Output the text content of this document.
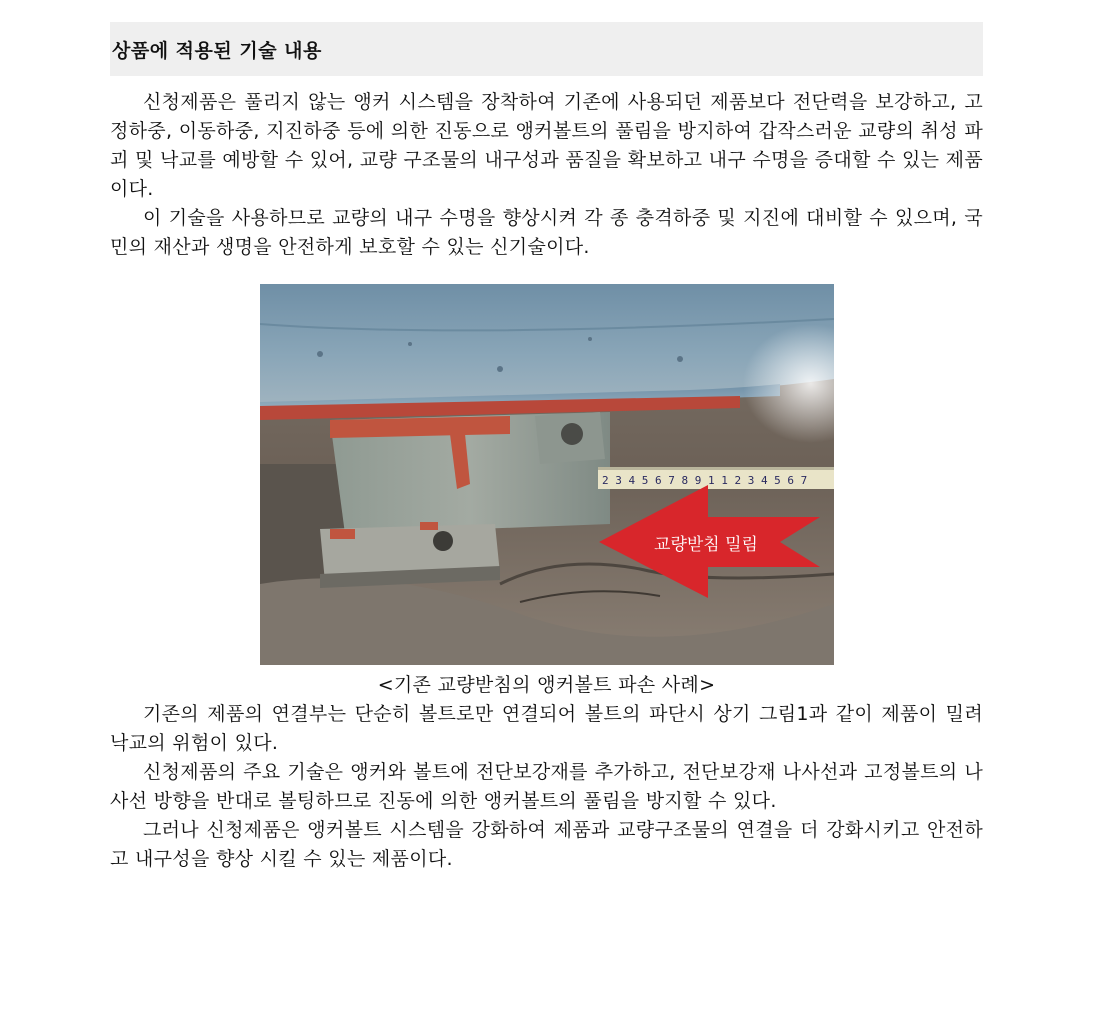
상품에 적용된 기술 내용

신청제품은 풀리지 않는 앵커 시스템을 장착하여 기존에 사용되던 제품보다 전단력을 보강하고, 고정하중, 이동하중, 지진하중 등에 의한 진동으로 앵커볼트의 풀림을 방지하여 갑작스러운 교량의 취성 파괴 및 낙교를 예방할 수 있어, 교량 구조물의 내구성과 품질을 확보하고 내구 수명을 증대할 수 있는 제품이다.

이 기술을 사용하므로 교량의 내구 수명을 향상시켜 각 종 충격하중 및 지진에 대비할 수 있으며, 국민의 재산과 생명을 안전하게 보호할 수 있는 신기술이다.

2 3 4 5 6 7 8 9 1 1 2 3 4 5 6 7
교량받침 밀림
<기존 교량받침의 앵커볼트 파손 사례>

기존의 제품의 연결부는 단순히 볼트로만 연결되어 볼트의 파단시 상기 그림1과 같이 제품이 밀려 낙교의 위험이 있다.

신청제품의 주요 기술은 앵커와 볼트에 전단보강재를 추가하고, 전단보강재 나사선과 고정볼트의 나사선 방향을 반대로 볼팅하므로 진동에 의한 앵커볼트의 풀림을 방지할 수 있다.

그러나 신청제품은 앵커볼트 시스템을 강화하여 제품과 교량구조물의 연결을 더 강화시키고 안전하고 내구성을 향상 시킬 수 있는 제품이다.
